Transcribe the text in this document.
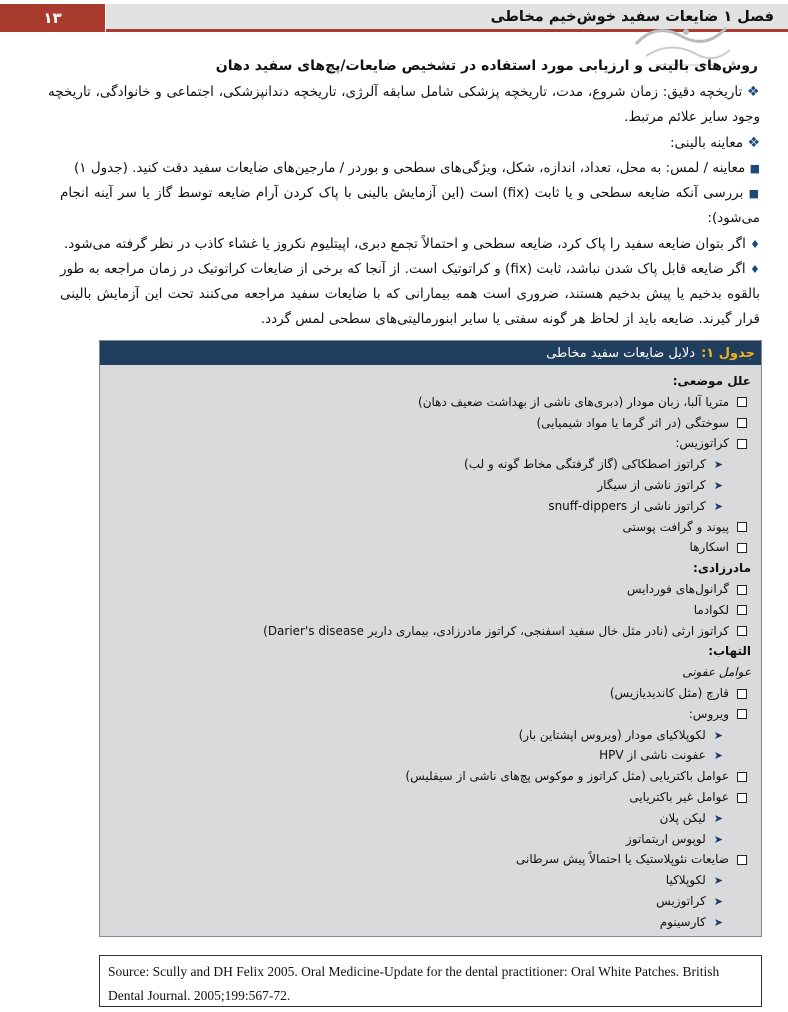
۱۳	فصل ۱ ضایعات سفید خوش‌خیم مخاطی
روش‌های بالینی و ارزیابی مورد استفاده در تشخیص ضایعات/پچ‌های سفید دهان
❖ تاریخچه دقیق: زمان شروع، مدت، تاریخچه پزشکی شامل سابقه آلرژی، تاریخچه دندانپزشکی، اجتماعی و خانوادگی، تاریخچه وجود سایر علائم مرتبط.
❖ معاینه بالینی:
■ معاینه / لمس: به محل، تعداد، اندازه، شکل، ویژگی‌های سطحی و بوردر / مارجین‌های ضایعات سفید دقت کنید. (جدول ۱)
■ بررسی آنکه ضایعه سطحی و یا ثابت (fix) است (این آزمایش بالینی با پاک کردن آرام ضایعه توسط گاز یا سر آینه انجام می‌شود):
♦ اگر بتوان ضایعه سفید را پاک کرد، ضایعه سطحی و احتمالاً تجمع دبری، اپیتلیوم نکروز یا غشاء کاذب در نظر گرفته می‌شود.
♦ اگر ضایعه قابل پاک شدن نباشد، ثابت (fix) و کراتوتیک است. از آنجا که برخی از ضایعات کراتوتیک در زمان مراجعه به طور بالقوه بدخیم یا پیش بدخیم هستند، ضروری است همه بیمارانی که با ضایعات سفید مراجعه می‌کنند تحت این آزمایش بالینی قرار گیرند. ضایعه باید از لحاظ هر گونه سفتی یا سایر ابنورمالیتی‌های سطحی لمس گردد.
جدول ۱:
دلایل ضایعات سفید مخاطی
علل موضعی:
متریا آلبا، زبان مودار (دبری‌های ناشی از بهداشت ضعیف دهان)
سوختگی (در اثر گرما یا مواد شیمیایی)
کراتوزیس:
➤کراتوز اصطکاکی (گاز گرفتگی مخاط گونه و لب)
➤کراتوز ناشی از سیگار
➤کراتوز ناشی از snuff-dippers
پیوند و گرافت پوستی
اسکارها
مادرزادی:
گرانول‌های فوردایس
لکوادما
کراتوز ارثی (نادر مثل خال سفید اسفنجی، کراتوز مادرزادی، بیماری داریر Darier's disease)
التهاب:
عوامل عفونی
قارچ (مثل کاندیدیازیس)
ویروس:
➤لکوپلاکیای مودار (ویروس اپشتاین بار)
➤عفونت ناشی از HPV
عوامل باکتریایی (مثل کراتوز و موکوس پچ‌های ناشی از سیفلیس)
عوامل غیر باکتریایی
➤لیکن پلان
➤لوپوس اریتماتوز
ضایعات نئوپلاستیک یا احتمالاً پیش سرطانی
➤لکوپلاکیا
➤کراتوزیس
➤کارسینوم
Source: Scully and DH Felix 2005. Oral Medicine-Update for the dental practitioner: Oral White Patches. British Dental Journal. 2005;199:567-72.
